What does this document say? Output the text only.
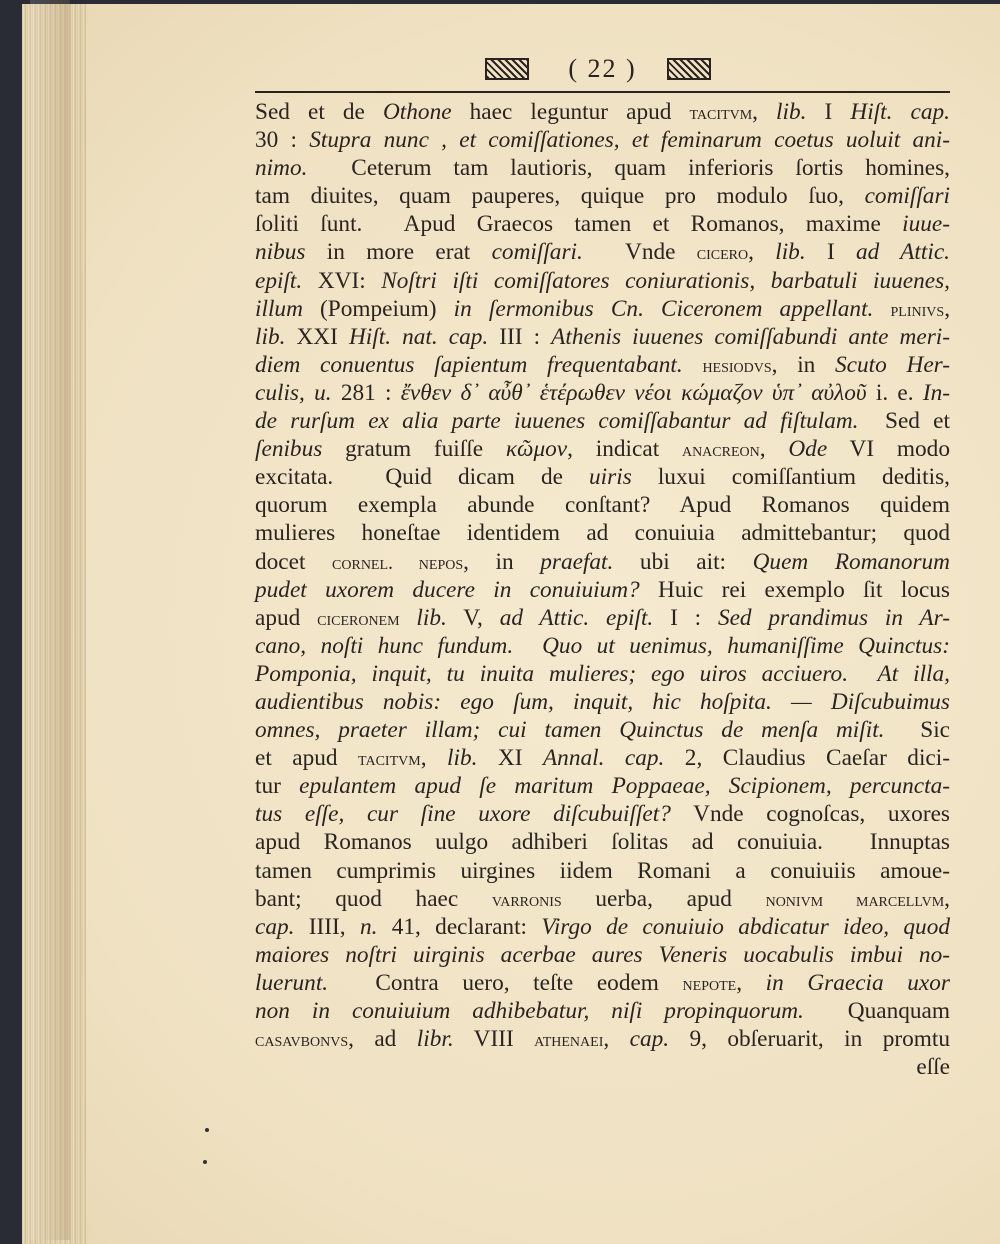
( 22 )
Sed et de Othone haec leguntur apud tacitvm, lib. I Hiſt. cap.
30 : Stupra nunc , et comiſſationes, et feminarum coetus uoluit ani-
nimo.  Ceterum tam lautioris, quam inferioris ſortis homines,
tam diuites, quam pauperes, quique pro modulo ſuo, comiſſari
ſoliti ſunt.  Apud Graecos tamen et Romanos, maxime iuue-
nibus in more erat comiſſari.  Vnde cicero, lib. I ad Attic.
epiſt. XVI: Noſtri iſti comiſſatores coniurationis, barbatuli iuuenes,
illum (Pompeium) in ſermonibus Cn. Ciceronem appellant. plinivs,
lib. XXI Hiſt. nat. cap. III : Athenis iuuenes comiſſabundi ante meri-
diem conuentus ſapientum frequentabant. hesiodvs, in Scuto Her-
culis, u. 281 : ἔνθεν δ᾽ αὖθ᾽ ἑτέρωθεν νέοι κώμαζον ὑπ᾽ αὐλοῦ i. e. In-
de rurſum ex alia parte iuuenes comiſſabantur ad fiſtulam.  Sed et
ſenibus gratum fuiſſe κῶμον, indicat anacreon, Ode VI modo
excitata.  Quid dicam de uiris luxui comiſſantium deditis,
quorum exempla abunde conſtant? Apud Romanos quidem
mulieres honeſtae identidem ad conuiuia admittebantur; quod
docet cornel. nepos, in praefat. ubi ait: Quem Romanorum
pudet uxorem ducere in conuiuium? Huic rei exemplo ſit locus
apud ciceronem lib. V, ad Attic. epiſt. I : Sed prandimus in Ar-
cano, noſti hunc fundum.  Quo ut uenimus, humaniſſime Quinctus:
Pomponia, inquit, tu inuita mulieres; ego uiros acciuero.  At illa,
audientibus nobis: ego ſum, inquit, hic hoſpita. — Diſcubuimus
omnes, praeter illam; cui tamen Quinctus de menſa miſit.  Sic
et apud tacitvm, lib. XI Annal. cap. 2, Claudius Caeſar dici-
tur epulantem apud ſe maritum Poppaeae, Scipionem, percuncta-
tus eſſe, cur ſine uxore diſcubuiſſet? Vnde cognoſcas, uxores
apud Romanos uulgo adhiberi ſolitas ad conuiuia.  Innuptas
tamen cumprimis uirgines iidem Romani a conuiuiis amoue-
bant; quod haec varronis uerba, apud nonivm marcellvm,
cap. IIII, n. 41, declarant: Virgo de conuiuio abdicatur ideo, quod
maiores noſtri uirginis acerbae aures Veneris uocabulis imbui no-
luerunt.  Contra uero, teſte eodem nepote, in Graecia uxor
non in conuiuium adhibebatur, niſi propinquorum.  Quanquam
casavbonvs, ad libr. VIII athenaei, cap. 9, obſeruarit, in promtu
eſſe
